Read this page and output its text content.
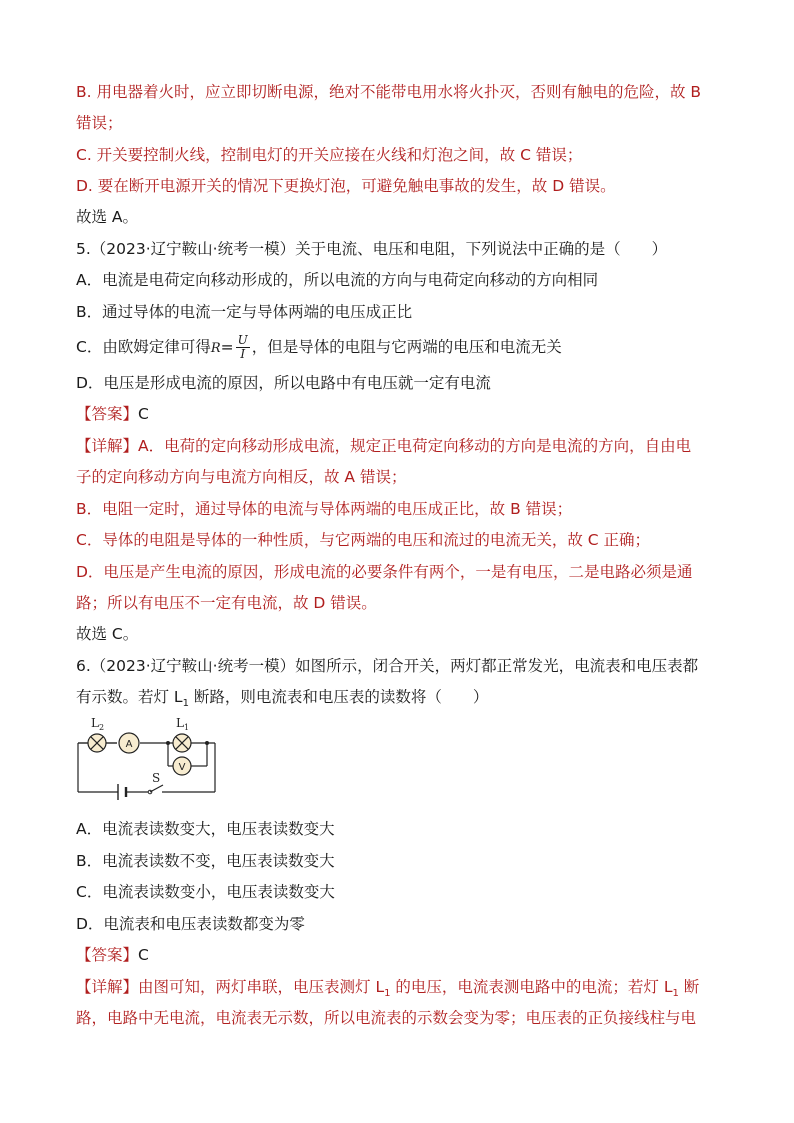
B. 用电器着火时，应立即切断电源，绝对不能带电用水将火扑灭，否则有触电的危险，故 B
错误；
C. 开关要控制火线，控制电灯的开关应接在火线和灯泡之间，故 C 错误；
D. 要在断开电源开关的情况下更换灯泡，可避免触电事故的发生，故 D 错误。
故选 A。
5.（2023·辽宁鞍山·统考一模）关于电流、电压和电阻，下列说法中正确的是（　　）
A．电流是电荷定向移动形成的，所以电流的方向与电荷定向移动的方向相同
B．通过导体的电流一定与导体两端的电压成正比
C．由欧姆定律可得$R= \frac{U}{I}$ ，但是导体的电阻与它两端的电压和电流无关
D．电压是形成电流的原因，所以电路中有电压就一定有电流
【答案】C
【详解】A．电荷的定向移动形成电流，规定正电荷定向移动的方向是电流的方向，自由电
子的定向移动方向与电流方向相反，故 A 错误；
B．电阻一定时，通过导体的电流与导体两端的电压成正比，故 B 错误；
C．导体的电阻是导体的一种性质，与它两端的电压和流过的电流无关，故 C 正确；
D．电压是产生电流的原因，形成电流的必要条件有两个，一是有电压，二是电路必须是通
路；所以有电压不一定有电流，故 D 错误。
故选 C。
6.（2023·辽宁鞍山·统考一模）如图所示，闭合开关，两灯都正常发光，电流表和电压表都
有示数。若灯 $L_1$ 断路，则电流表和电压表的读数将（　　）
$L_2$	$L_1$
A
V
S
A．电流表读数变大，电压表读数变大
B．电流表读数不变，电压表读数变大
C．电流表读数变小，电压表读数变大
D．电流表和电压表读数都变为零
【答案】C
【详解】由图可知，两灯串联，电压表测灯 $L_1$ 的电压，电流表测电路中的电流；若灯 $L_1$ 断
路，电路中无电流，电流表无示数，所以电流表的示数会变为零；电压表的正负接线柱与电
